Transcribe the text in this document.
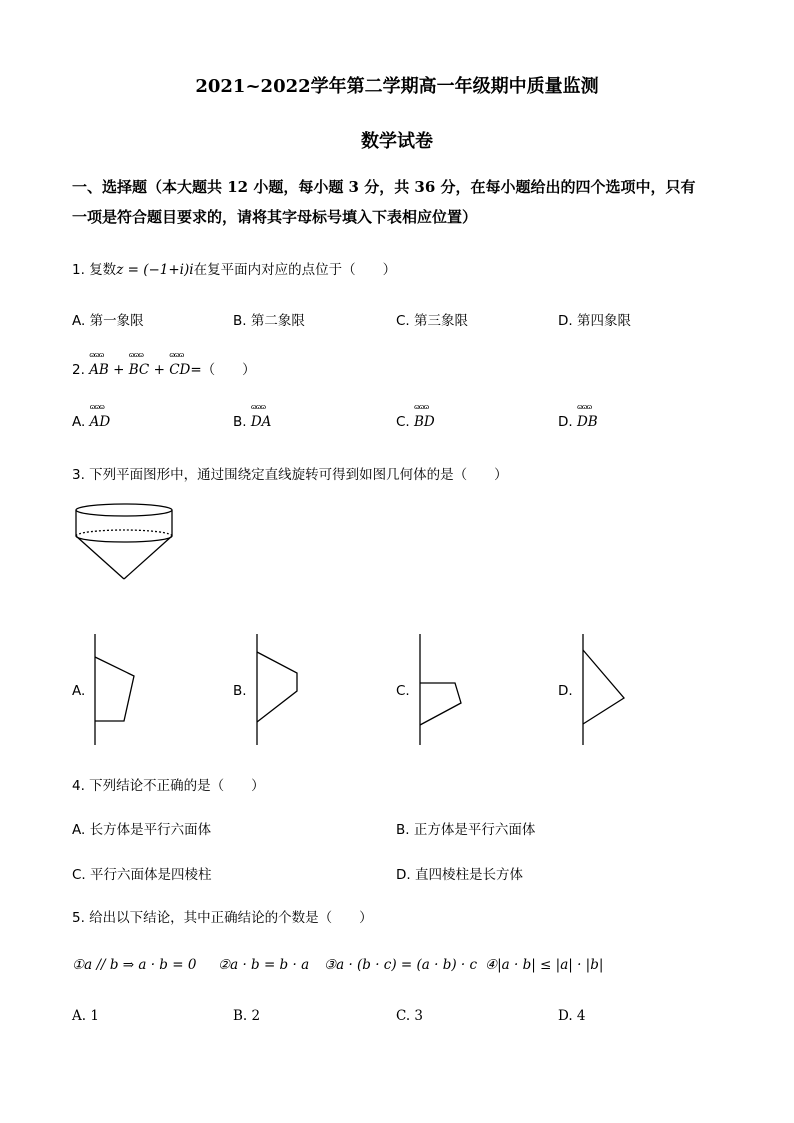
2021~2022学年第二学期高一年级期中质量监测
数学试卷
一、选择题（本大题共 12 小题，每小题 3 分，共 36 分，在每小题给出的四个选项中，只有
一项是符合题目要求的，请将其字母标号填入下表相应位置）
1. 复数z = (−1+i)i在复平面内对应的点位于（　　）
A. 第一象限	B. 第二象限	C. 第三象限	D. 第四象限
2. ɷɷɷ AB + ɷɷɷ BC + ɷɷɷ CD=（　　）
A. ɷɷɷ AD	B. ɷɷɷ DA	C. ɷɷɷ BD	D. ɷɷɷ DB
3. 下列平面图形中，通过围绕定直线旋转可得到如图几何体的是（　　）
A.	B.	C.	D.
4. 下列结论不正确的是（　　）
A. 长方体是平行六面体	B. 正方体是平行六面体
C. 平行六面体是四棱柱	D. 直四棱柱是长方体
5. 给出以下结论，其中正确结论的个数是（　　）
①a // b ⇒ a · b = 0 ②a · b = b · a ③a · (b · c) = (a · b) · c ④|a · b| ≤ |a| · |b|
A. 1	B. 2	C. 3	D. 4
